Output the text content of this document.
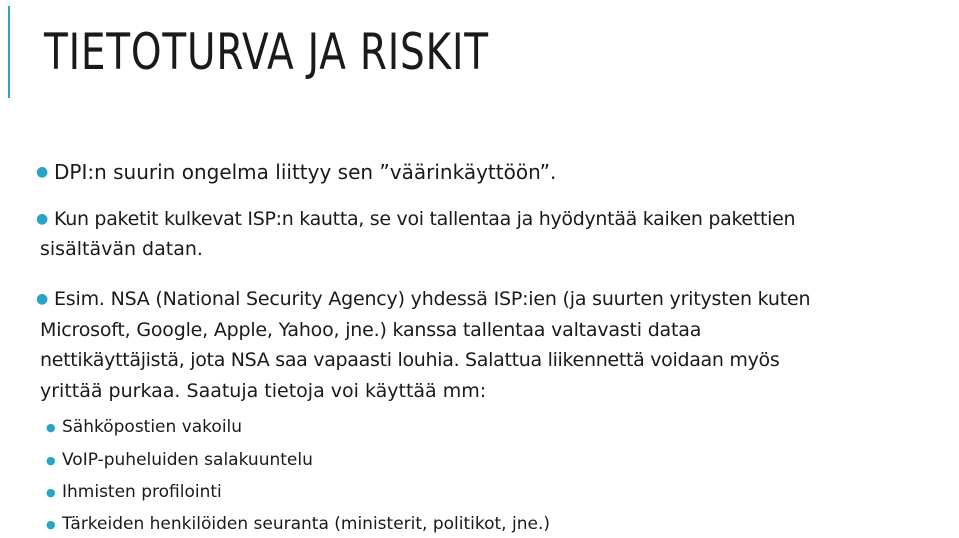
TIETOTURVA JA RISKIT
● DPI:n suurin ongelma liittyy sen ”väärinkäyttöön”.
● Kun paketit kulkevat ISP:n kautta, se voi tallentaa ja hyödyntää kaiken pakettien
sisältävän datan.
● Esim. NSA (National Security Agency) yhdessä ISP:ien (ja suurten yritysten kuten
Microsoft, Google, Apple, Yahoo, jne.) kanssa tallentaa valtavasti dataa
nettikäyttäjistä, jota NSA saa vapaasti louhia. Salattua liikennettä voidaan myös
yrittää purkaa. Saatuja tietoja voi käyttää mm:
● Sähköpostien vakoilu
● VoIP-puheluiden salakuuntelu
● Ihmisten profilointi
● Tärkeiden henkilöiden seuranta (ministerit, politikot, jne.)
